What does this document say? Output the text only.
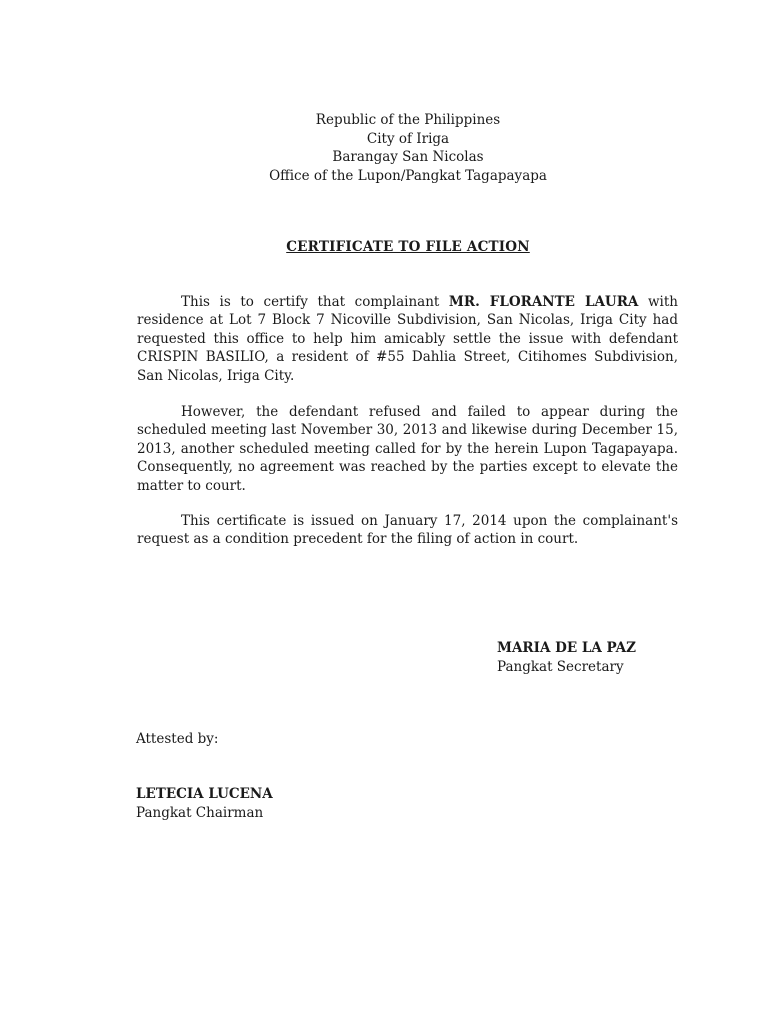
Republic of the Philippines
City of Iriga
Barangay San Nicolas
Office of the Lupon/Pangkat Tagapayapa
CERTIFICATE TO FILE ACTION

This is to certify that complainant MR. FLORANTE LAURA with residence at Lot 7 Block 7 Nicoville Subdivision, San Nicolas, Iriga City had requested this office to help him amicably settle the issue with defendant CRISPIN BASILIO, a resident of #55 Dahlia Street, Citihomes Subdivision, San Nicolas, Iriga City.

However, the defendant refused and failed to appear during the scheduled meeting last November 30, 2013 and likewise during December 15, 2013, another scheduled meeting called for by the herein Lupon Tagapayapa. Consequently, no agreement was reached by the parties except to elevate the matter to court.

This certificate is issued on January 17, 2014 upon the complainant's request as a condition precedent for the filing of action in court.

MARIA DE LA PAZ
Pangkat Secretary
Attested by:
LETECIA LUCENA
Pangkat Chairman
